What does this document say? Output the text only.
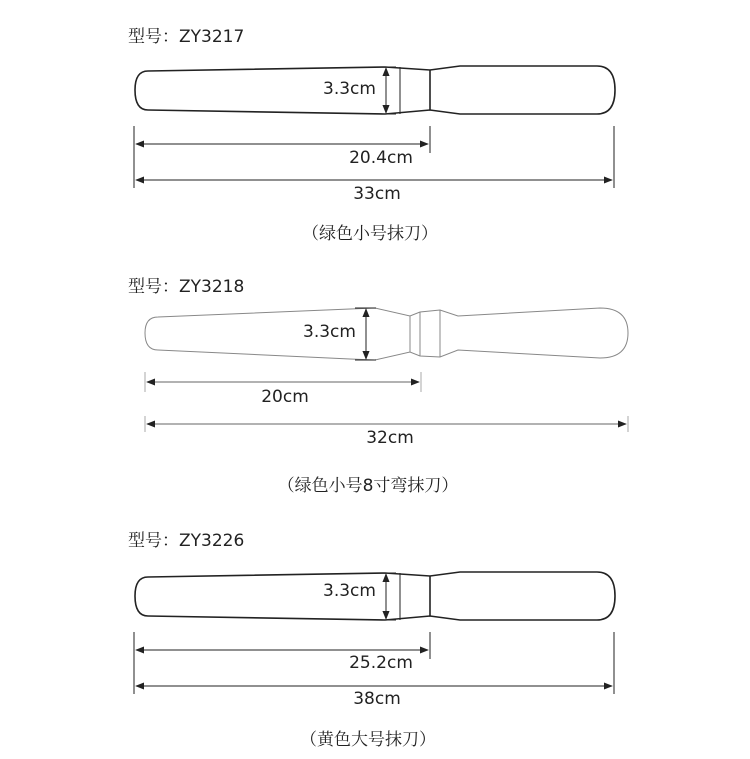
型号：ZY3217
3.3cm
20.4cm
33cm
（绿色小号抹刀）
型号：ZY3218
3.3cm
20cm
32cm
（绿色小号8寸弯抹刀）
型号：ZY3226
3.3cm
25.2cm
38cm
（黄色大号抹刀）
